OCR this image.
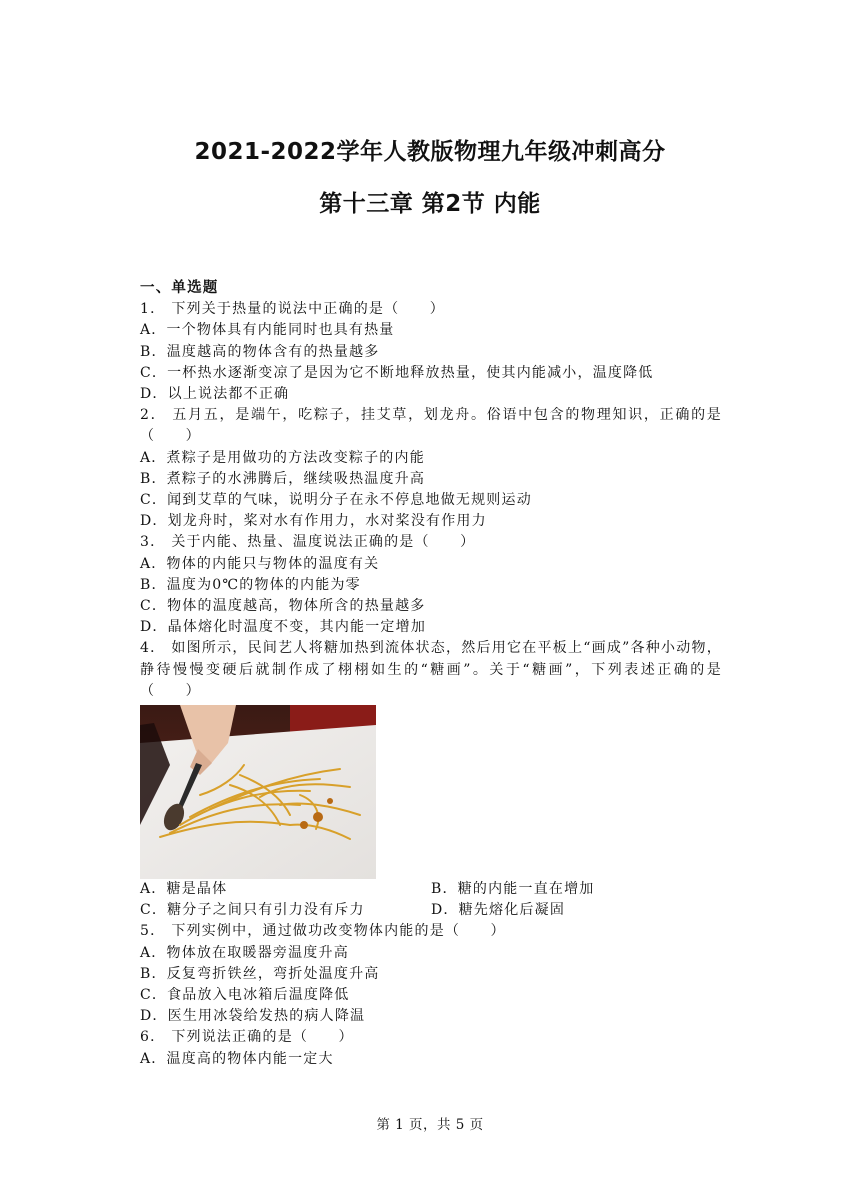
2021-2022学年人教版物理九年级冲刺高分
第十三章 第2节 内能
一、单选题
1． 下列关于热量的说法中正确的是（　　）
A．一个物体具有内能同时也具有热量
B．温度越高的物体含有的热量越多
C．一杯热水逐渐变凉了是因为它不断地释放热量，使其内能减小，温度降低
D．以上说法都不正确
2． 五月五，是端午，吃粽子，挂艾草，划龙舟。俗语中包含的物理知识，正确的是（　　）
A．煮粽子是用做功的方法改变粽子的内能
B．煮粽子的水沸腾后，继续吸热温度升高
C．闻到艾草的气味，说明分子在永不停息地做无规则运动
D．划龙舟时，桨对水有作用力，水对桨没有作用力
3． 关于内能、热量、温度说法正确的是（　　）
A．物体的内能只与物体的温度有关
B．温度为0℃的物体的内能为零
C．物体的温度越高，物体所含的热量越多
D．晶体熔化时温度不变，其内能一定增加
4． 如图所示，民间艺人将糖加热到流体状态，然后用它在平板上“画成”各种小动物，静待慢慢变硬后就制作成了栩栩如生的“糖画”。关于“糖画”，下列表述正确的是（　　）
A．糖是晶体	B．糖的内能一直在增加
C．糖分子之间只有引力没有斥力	D．糖先熔化后凝固
5． 下列实例中，通过做功改变物体内能的是（　　）
A．物体放在取暖器旁温度升高
B．反复弯折铁丝，弯折处温度升高
C．食品放入电冰箱后温度降低
D．医生用冰袋给发热的病人降温
6． 下列说法正确的是（　　）
A．温度高的物体内能一定大
第 1 页，共 5 页
